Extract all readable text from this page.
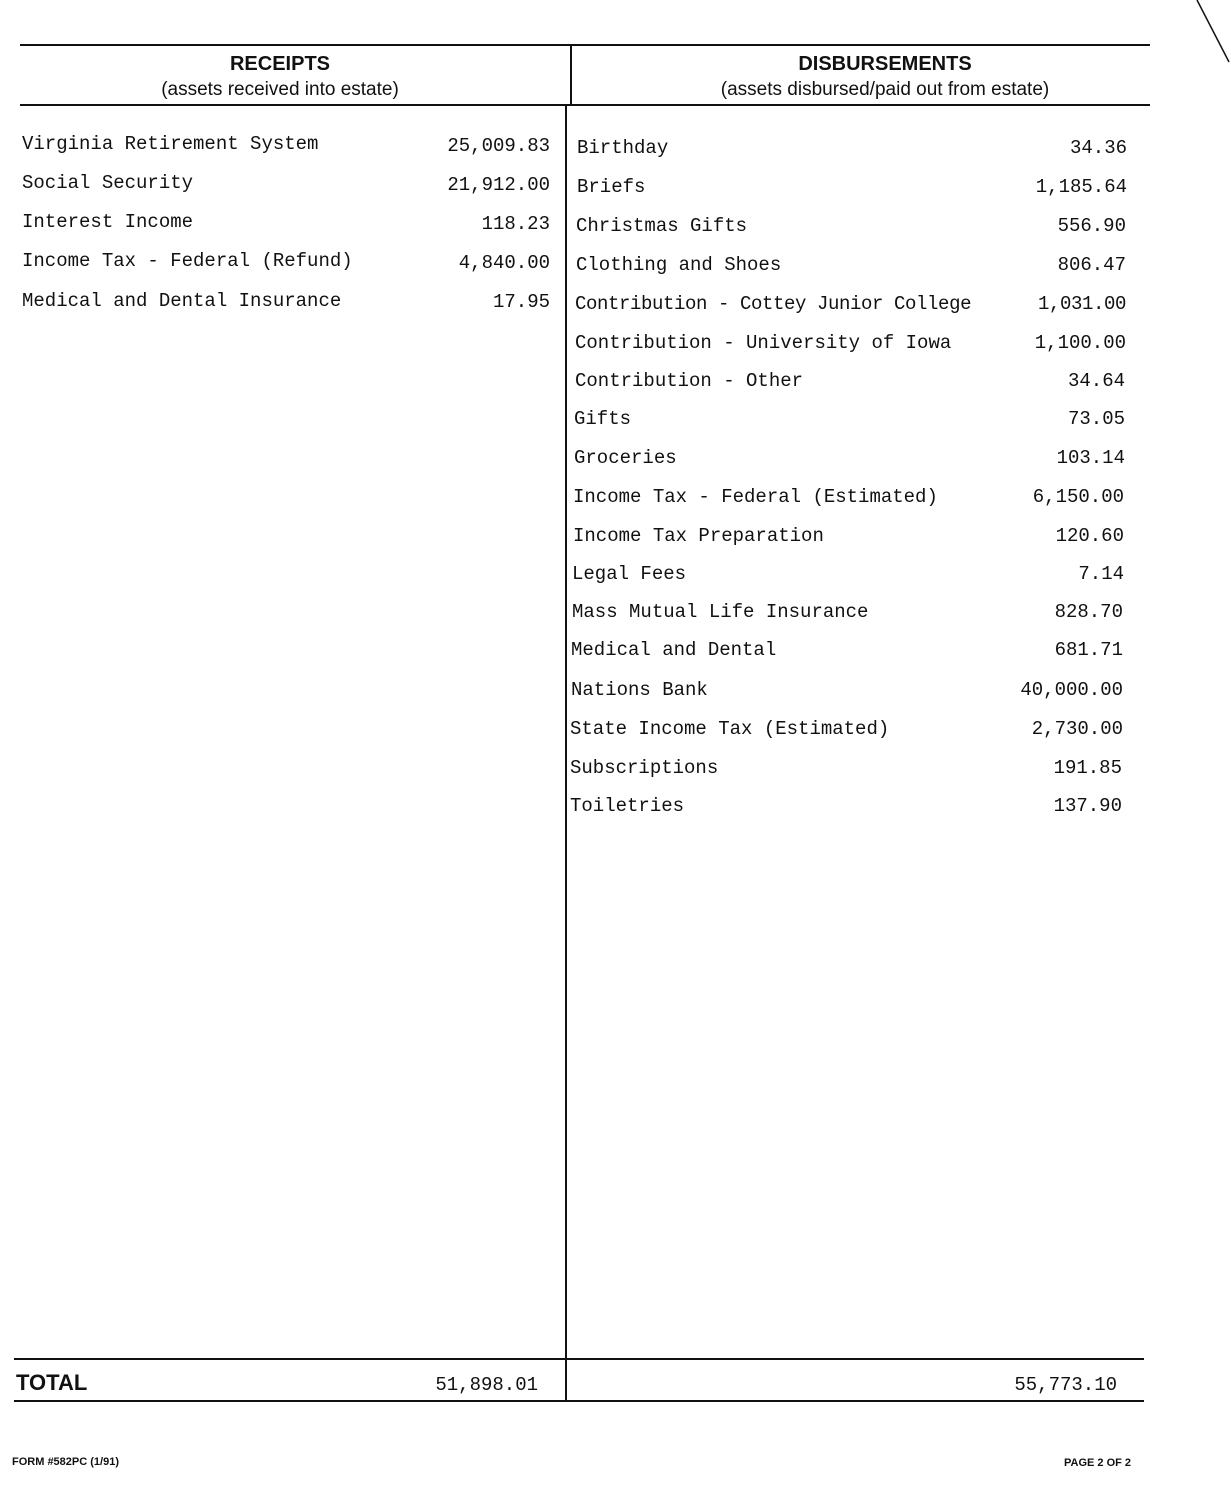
RECEIPTS
(assets received into estate)
DISBURSEMENTS
(assets disbursed/paid out from estate)
Virginia Retirement System	25,009.83
Social Security	21,912.00
Interest Income	118.23
Income Tax - Federal (Refund)	4,840.00
Medical and Dental Insurance	17.95
Birthday	34.36
Briefs	1,185.64
Christmas Gifts	556.90
Clothing and Shoes	806.47
Contribution - Cottey Junior College	1,031.00
Contribution - University of Iowa	1,100.00
Contribution - Other	34.64
Gifts	73.05
Groceries	103.14
Income Tax - Federal (Estimated)	6,150.00
Income Tax Preparation	120.60
Legal Fees	7.14
Mass Mutual Life Insurance	828.70
Medical and Dental	681.71
Nations Bank	40,000.00
State Income Tax (Estimated)	2,730.00
Subscriptions	191.85
Toiletries	137.90
TOTAL	51,898.01	55,773.10
FORM #582PC (1/91)	PAGE 2 OF 2
